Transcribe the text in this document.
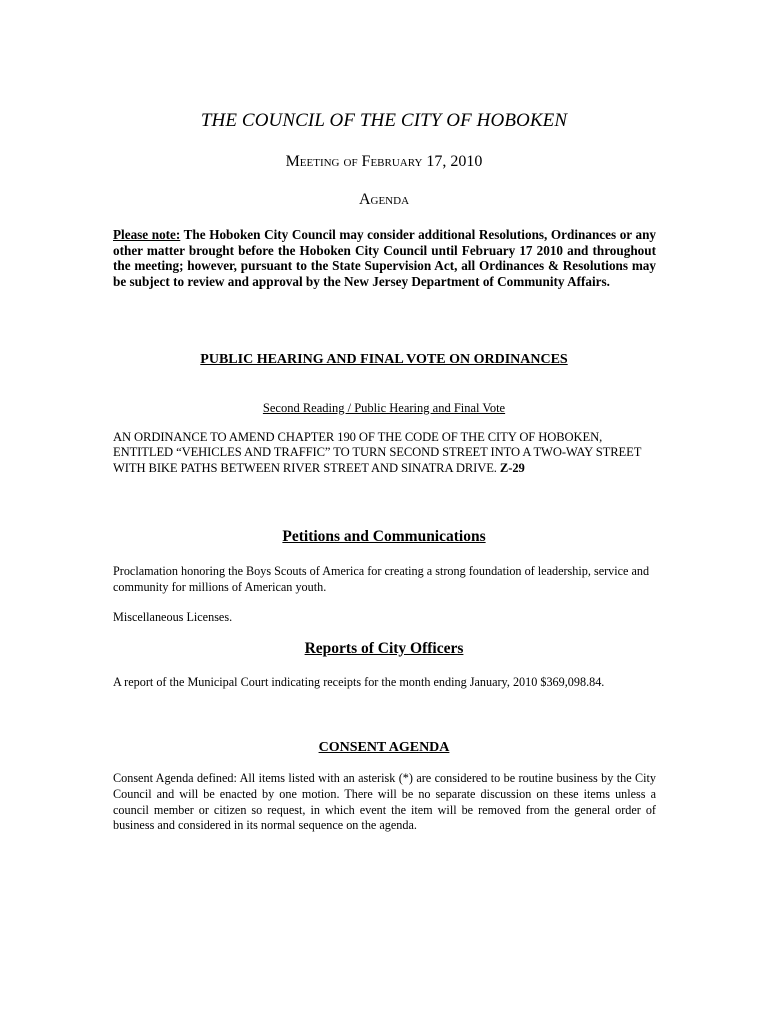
THE COUNCIL OF THE CITY OF HOBOKEN
Meeting of February 17, 2010
Agenda
Please note: The Hoboken City Council may consider additional Resolutions, Ordinances or any other matter brought before the Hoboken City Council until February 17 2010 and throughout the meeting; however, pursuant to the State Supervision Act, all Ordinances & Resolutions may be subject to review and approval by the New Jersey Department of Community Affairs.
PUBLIC HEARING AND FINAL VOTE ON ORDINANCES
Second Reading / Public Hearing and Final Vote
AN ORDINANCE TO AMEND CHAPTER 190 OF THE CODE OF THE CITY OF HOBOKEN, ENTITLED “VEHICLES AND TRAFFIC” TO TURN SECOND STREET INTO A TWO-WAY STREET WITH BIKE PATHS BETWEEN RIVER STREET AND SINATRA DRIVE. Z-29
Petitions and Communications
Proclamation honoring the Boys Scouts of America for creating a strong foundation of leadership, service and community for millions of American youth.
Miscellaneous Licenses.
Reports of City Officers
A report of the Municipal Court indicating receipts for the month ending January, 2010 $369,098.84.
CONSENT AGENDA
Consent Agenda defined: All items listed with an asterisk (*) are considered to be routine business by the City Council and will be enacted by one motion. There will be no separate discussion on these items unless a council member or citizen so request, in which event the item will be removed from the general order of business and considered in its normal sequence on the agenda.
